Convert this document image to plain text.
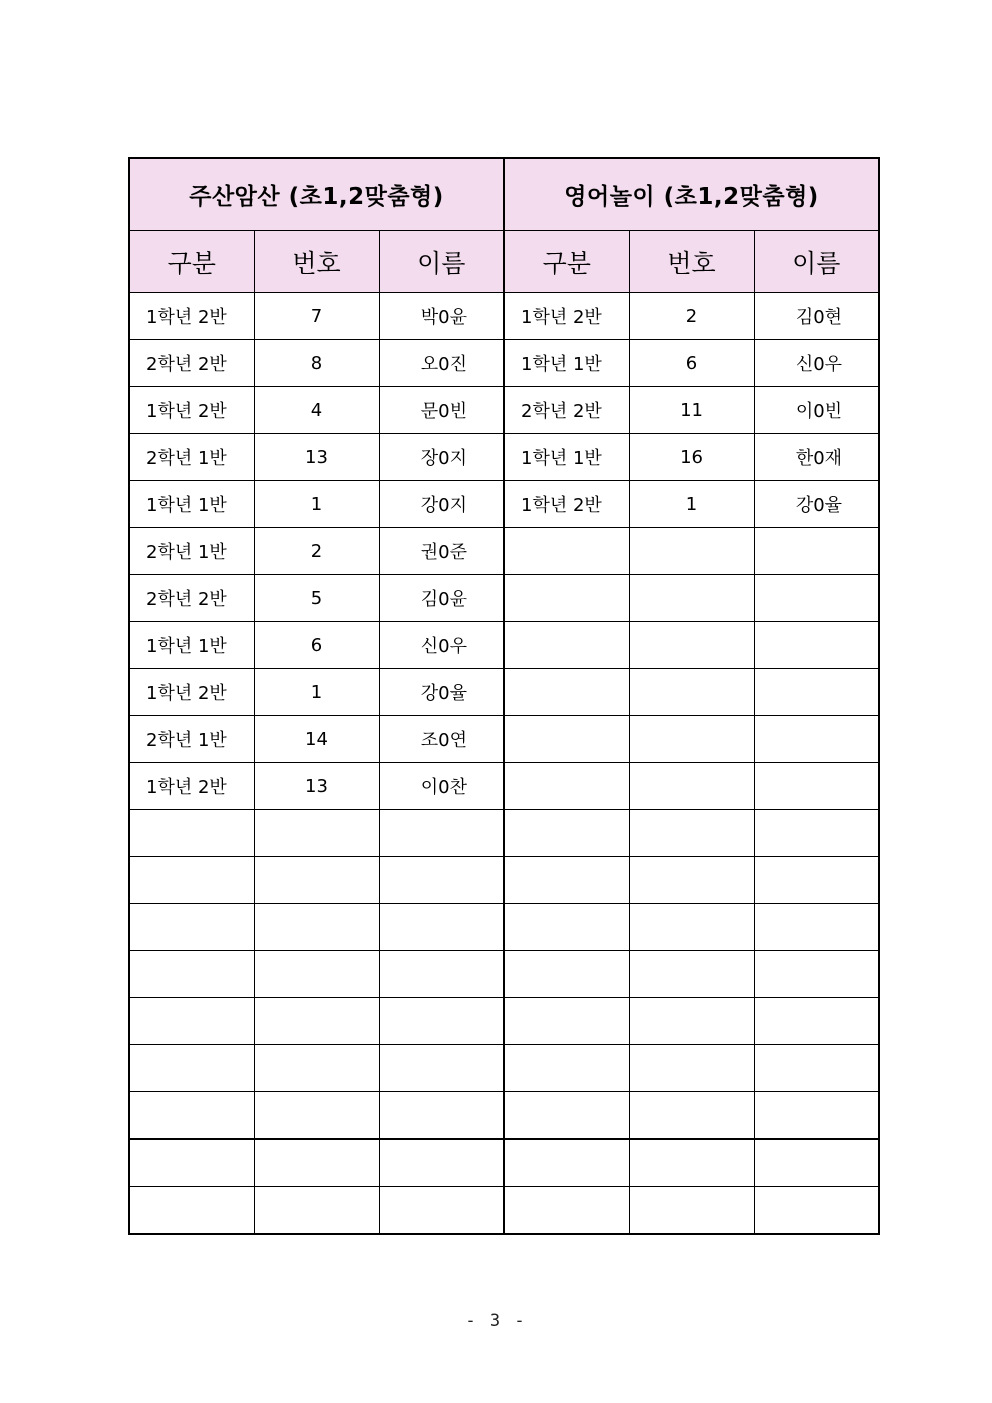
주산암산 (초1,2맞춤형)			영어놀이 (초1,2맞춤형)		
구분	번호	이름	구분	번호	이름
1학년 2반	7	박0윤	1학년 2반	2	김0현
2학년 2반	8	오0진	1학년 1반	6	신0우
1학년 2반	4	문0빈	2학년 2반	11	이0빈
2학년 1반	13	장0지	1학년 1반	16	한0재
1학년 1반	1	강0지	1학년 2반	1	강0율
2학년 1반	2	권0준			
2학년 2반	5	김0윤			
1학년 1반	6	신0우			
1학년 2반	1	강0율			
2학년 1반	14	조0연			
1학년 2반	13	이0찬			

- 3 -
